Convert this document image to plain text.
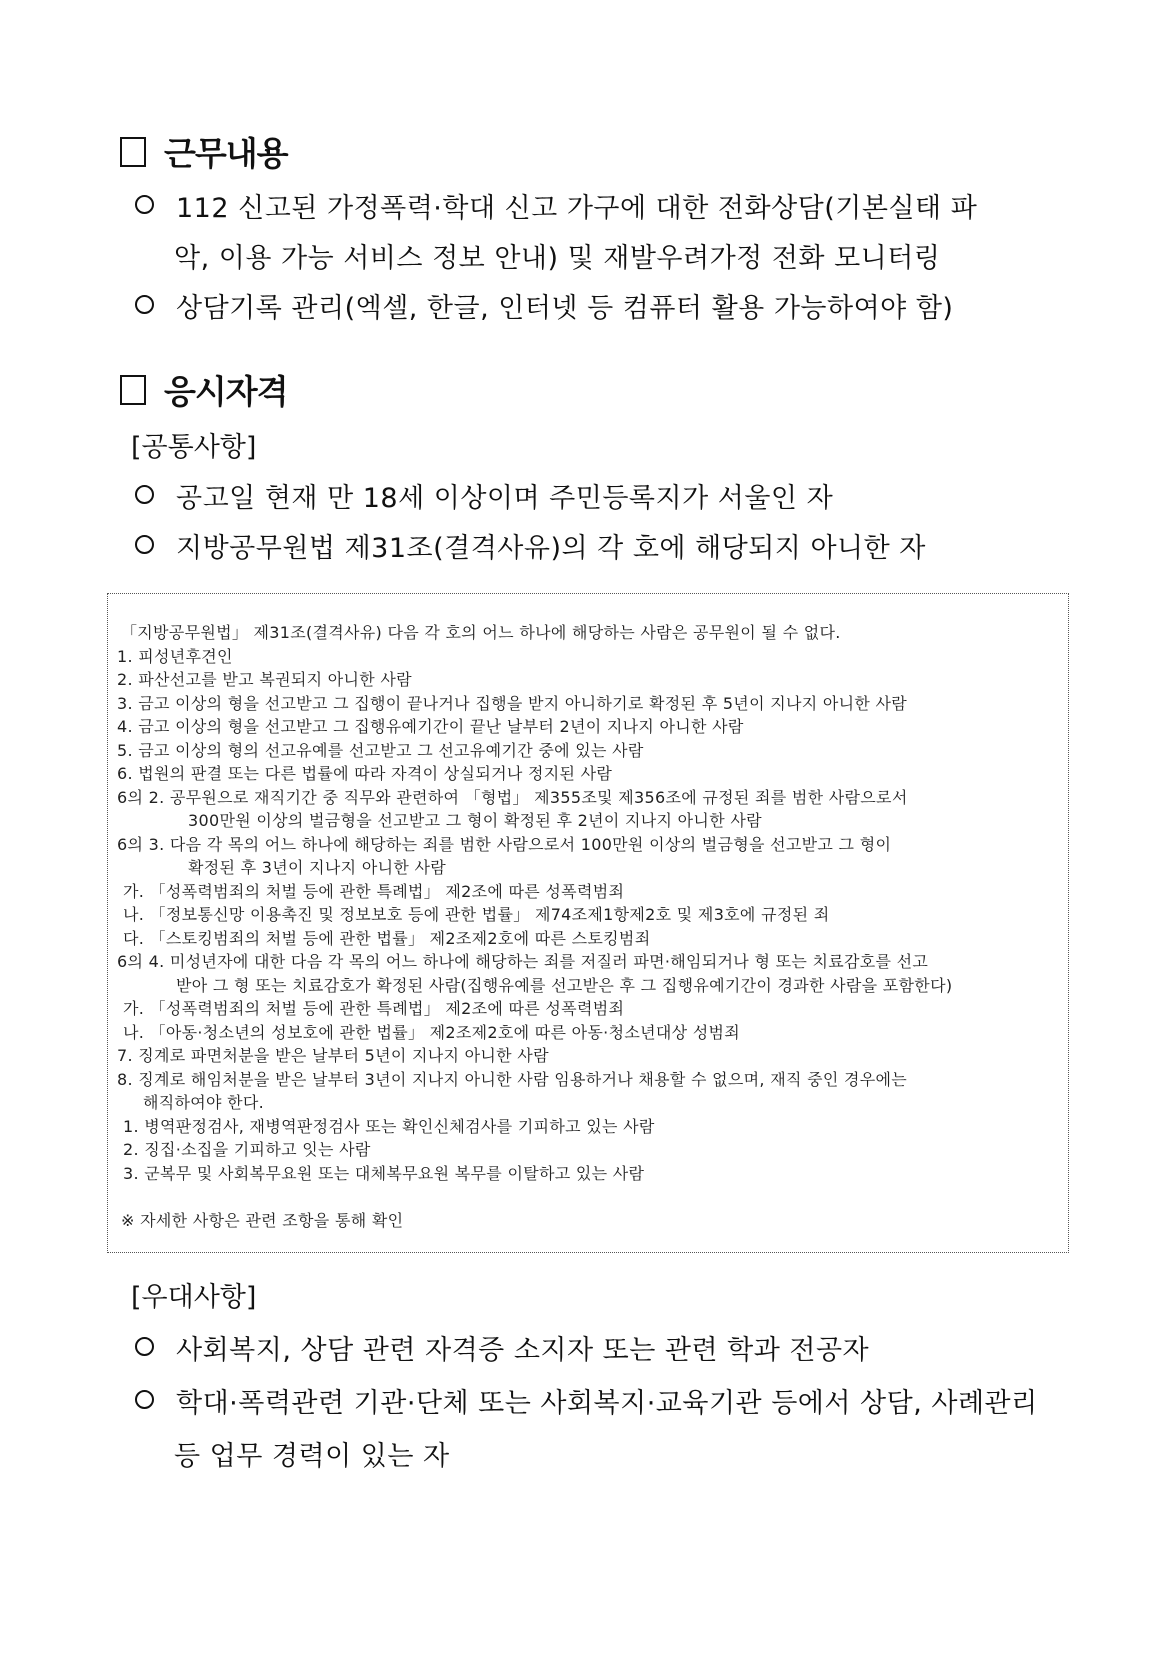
근무내용
112 신고된 가정폭력·학대 신고 가구에 대한 전화상담(기본실태 파
악, 이용 가능 서비스 정보 안내) 및 재발우려가정 전화 모니터링
상담기록 관리(엑셀, 한글, 인터넷 등 컴퓨터 활용 가능하여야 함)
응시자격
[공통사항]
공고일 현재 만 18세 이상이며 주민등록지가 서울인 자
지방공무원법 제31조(결격사유)의 각 호에 해당되지 아니한 자
「지방공무원법」 제31조(결격사유) 다음 각 호의 어느 하나에 해당하는 사람은 공무원이 될 수 없다.
1. 피성년후견인
2. 파산선고를 받고 복권되지 아니한 사람
3. 금고 이상의 형을 선고받고 그 집행이 끝나거나 집행을 받지 아니하기로 확정된 후 5년이 지나지 아니한 사람
4. 금고 이상의 형을 선고받고 그 집행유예기간이 끝난 날부터 2년이 지나지 아니한 사람
5. 금고 이상의 형의 선고유예를 선고받고 그 선고유예기간 중에 있는 사람
6. 법원의 판결 또는 다른 법률에 따라 자격이 상실되거나 정지된 사람
6의 2. 공무원으로 재직기간 중 직무와 관련하여 「형법」 제355조및 제356조에 규정된 죄를 범한 사람으로서
300만원 이상의 벌금형을 선고받고 그 형이 확정된 후 2년이 지나지 아니한 사람
6의 3. 다음 각 목의 어느 하나에 해당하는 죄를 범한 사람으로서 100만원 이상의 벌금형을 선고받고 그 형이
확정된 후 3년이 지나지 아니한 사람
가. 「성폭력범죄의 처벌 등에 관한 특례법」 제2조에 따른 성폭력범죄
나. 「정보통신망 이용촉진 및 정보보호 등에 관한 법률」 제74조제1항제2호 및 제3호에 규정된 죄
다. 「스토킹범죄의 처벌 등에 관한 법률」 제2조제2호에 따른 스토킹범죄
6의 4. 미성년자에 대한 다음 각 목의 어느 하나에 해당하는 죄를 저질러 파면·해임되거나 형 또는 치료감호를 선고
받아 그 형 또는 치료감호가 확정된 사람(집행유예를 선고받은 후 그 집행유예기간이 경과한 사람을 포함한다)
가. 「성폭력범죄의 처벌 등에 관한 특례법」 제2조에 따른 성폭력범죄
나. 「아동·청소년의 성보호에 관한 법률」 제2조제2호에 따른 아동·청소년대상 성범죄
7. 징계로 파면처분을 받은 날부터 5년이 지나지 아니한 사람
8. 징계로 해임처분을 받은 날부터 3년이 지나지 아니한 사람 임용하거나 채용할 수 없으며, 재직 중인 경우에는
해직하여야 한다.
1. 병역판정검사, 재병역판정검사 또는 확인신체검사를 기피하고 있는 사람
2. 징집·소집을 기피하고 잇는 사람
3. 군복무 및 사회복무요원 또는 대체복무요원 복무를 이탈하고 있는 사람
※ 자세한 사항은 관련 조항을 통해 확인
[우대사항]
사회복지, 상담 관련 자격증 소지자 또는 관련 학과 전공자
학대·폭력관련 기관·단체 또는 사회복지·교육기관 등에서 상담, 사례관리
등 업무 경력이 있는 자
